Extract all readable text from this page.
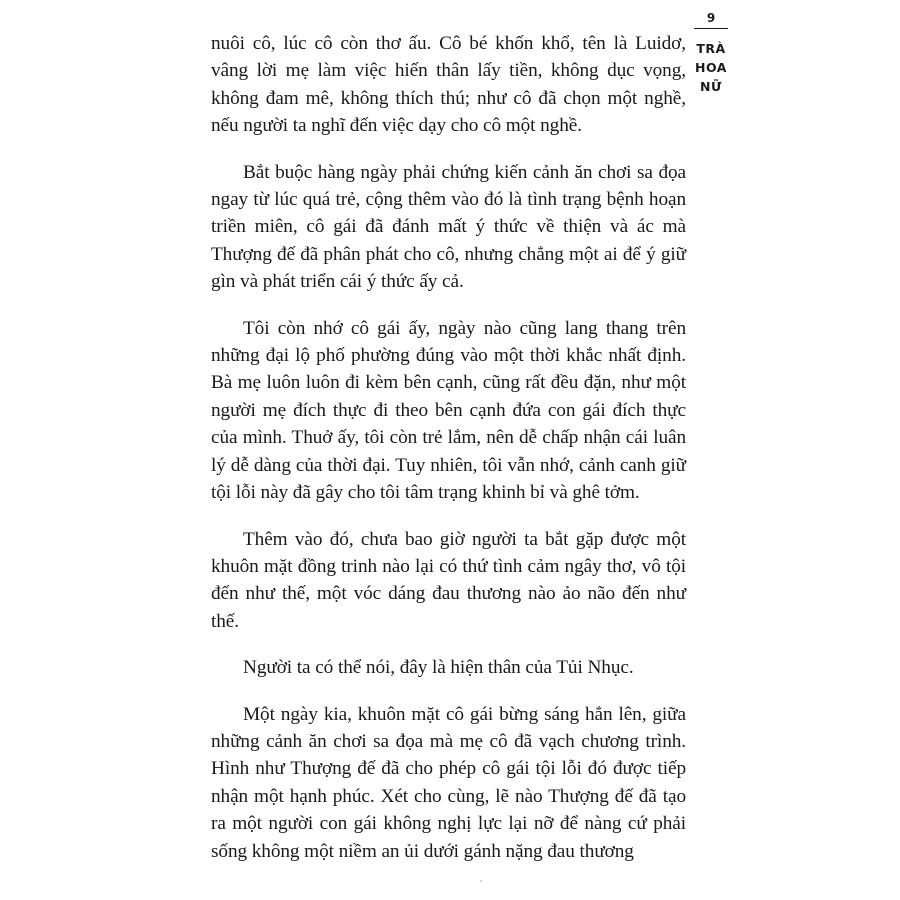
9
TRÀ
HOA
NỮ

nuôi cô, lúc cô còn thơ ấu. Cô bé khốn khổ, tên là Luidơ, vâng lời mẹ làm việc hiến thân lấy tiền, không dục vọng, không đam mê, không thích thú; như cô đã chọn một nghề, nếu người ta nghĩ đến việc dạy cho cô một nghề.

Bắt buộc hàng ngày phải chứng kiến cảnh ăn chơi sa đọa ngay từ lúc quá trẻ, cộng thêm vào đó là tình trạng bệnh hoạn triền miên, cô gái đã đánh mất ý thức về thiện và ác mà Thượng đế đã phân phát cho cô, nhưng chẳng một ai để ý giữ gìn và phát triển cái ý thức ấy cả.

Tôi còn nhớ cô gái ấy, ngày nào cũng lang thang trên những đại lộ phố phường đúng vào một thời khắc nhất định. Bà mẹ luôn luôn đi kèm bên cạnh, cũng rất đều đặn, như một người mẹ đích thực đi theo bên cạnh đứa con gái đích thực của mình. Thuở ấy, tôi còn trẻ lắm, nên dễ chấp nhận cái luân lý dễ dàng của thời đại. Tuy nhiên, tôi vẫn nhớ, cảnh canh giữ tội lỗi này đã gây cho tôi tâm trạng khinh bỉ và ghê tởm.

Thêm vào đó, chưa bao giờ người ta bắt gặp được một khuôn mặt đồng trinh nào lại có thứ tình cảm ngây thơ, vô tội đến như thế, một vóc dáng đau thương nào ảo não đến như thế.

Người ta có thể nói, đây là hiện thân của Tủi Nhục.

Một ngày kia, khuôn mặt cô gái bừng sáng hẳn lên, giữa những cảnh ăn chơi sa đọa mà mẹ cô đã vạch chương trình. Hình như Thượng đế đã cho phép cô gái tội lỗi đó được tiếp nhận một hạnh phúc. Xét cho cùng, lẽ nào Thượng đế đã tạo ra một người con gái không nghị lực lại nỡ để nàng cứ phải sống không một niềm an ủi dưới gánh nặng đau thương
